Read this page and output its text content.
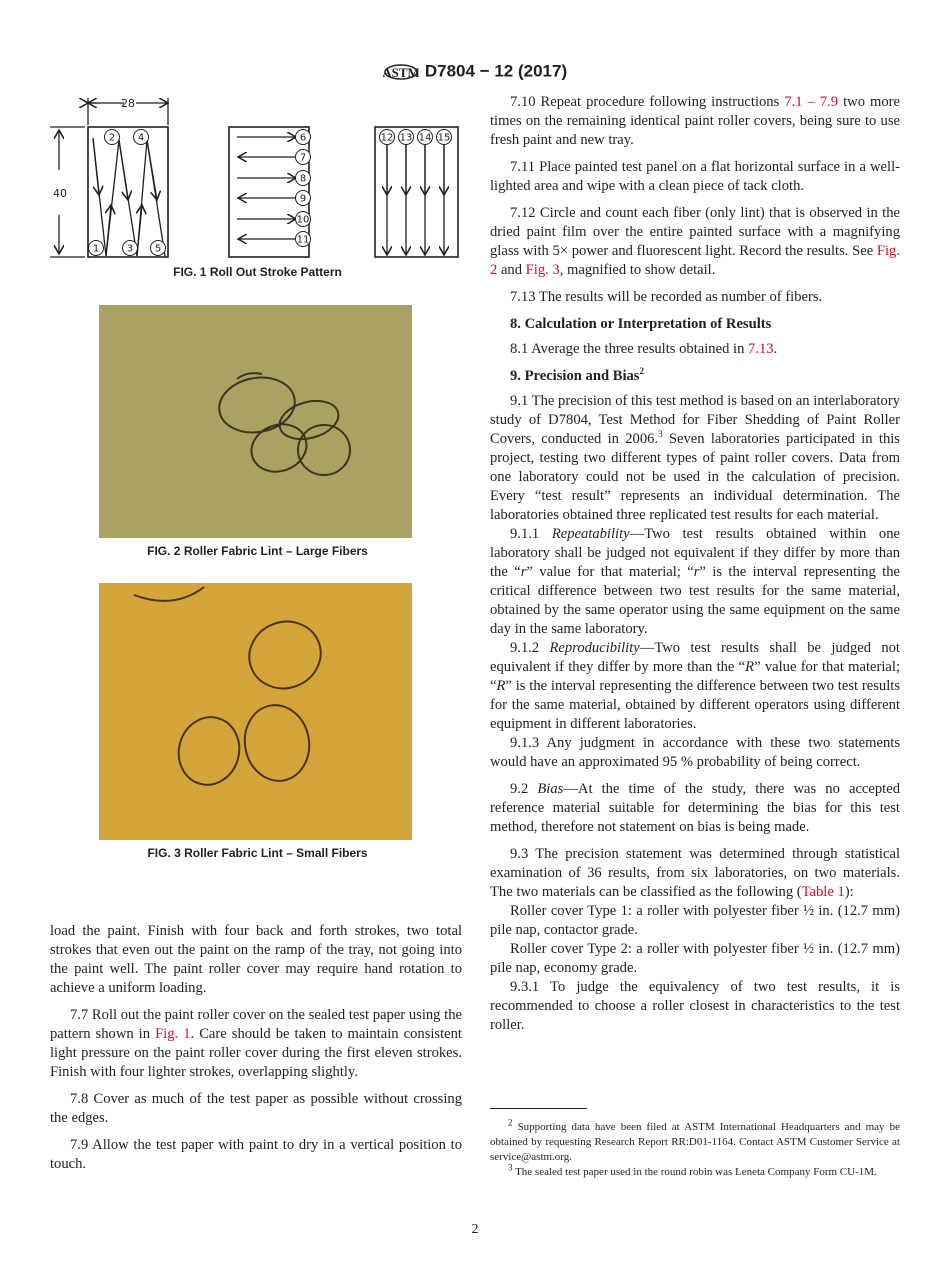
ASTM D7804 − 12 (2017)
28
40
1
2
3
4
5
6
7
8
9
10
11
12 13 14 15
FIG. 1 Roll Out Stroke Pattern
FIG. 2 Roller Fabric Lint – Large Fibers
FIG. 3 Roller Fabric Lint – Small Fibers

load the paint. Finish with four back and forth strokes, two total strokes that even out the paint on the ramp of the tray, not going into the paint well. The paint roller cover may require hand rotation to achieve a uniform loading.

7.7 Roll out the paint roller cover on the sealed test paper using the pattern shown in Fig. 1. Care should be taken to maintain consistent light pressure on the paint roller cover during the first eleven strokes. Finish with four lighter strokes, overlapping slightly.

7.8 Cover as much of the test paper as possible without crossing the edges.

7.9 Allow the test paper with paint to dry in a vertical position to touch.

7.10 Repeat procedure following instructions 7.1 – 7.9 two more times on the remaining identical paint roller covers, being sure to use fresh paint and new tray.

7.11 Place painted test panel on a flat horizontal surface in a well-lighted area and wipe with a clean piece of tack cloth.

7.12 Circle and count each fiber (only lint) that is observed in the dried paint film over the entire painted surface with a magnifying glass with 5× power and fluorescent light. Record the results. See Fig. 2 and Fig. 3, magnified to show detail.

7.13 The results will be recorded as number of fibers.

8. Calculation or Interpretation of Results

8.1 Average the three results obtained in 7.13.

9. Precision and Bias$^2$

9.1 The precision of this test method is based on an interlaboratory study of D7804, Test Method for Fiber Shedding of Paint Roller Covers, conducted in 2006.$^3$ Seven laboratories participated in this project, testing two different types of paint roller covers. Data from one laboratory could not be used in the calculation of precision. Every “test result” represents an individual determination. The laboratories obtained three replicated test results for each material.

9.1.1 Repeatability—Two test results obtained within one laboratory shall be judged not equivalent if they differ by more than the “r” value for that material; “r” is the interval representing the critical difference between two test results for the same material, obtained by the same operator using the same equipment on the same day in the same laboratory.

9.1.2 Reproducibility—Two test results shall be judged not equivalent if they differ by more than the “R” value for that material; “R” is the interval representing the difference between two test results for the same material, obtained by different operators using different equipment in different laboratories.

9.1.3 Any judgment in accordance with these two statements would have an approximated 95 % probability of being correct.

9.2 Bias—At the time of the study, there was no accepted reference material suitable for determining the bias for this test method, therefore not statement on bias is being made.

9.3 The precision statement was determined through statistical examination of 36 results, from six laboratories, on two materials. The two materials can be classified as the following (Table 1):

Roller cover Type 1: a roller with polyester fiber ½ in. (12.7 mm) pile nap, contactor grade.

Roller cover Type 2: a roller with polyester fiber ½ in. (12.7 mm) pile nap, economy grade.

9.3.1 To judge the equivalency of two test results, it is recommended to choose a roller closest in characteristics to the test roller.

$^2$ Supporting data have been filed at ASTM International Headquarters and may be obtained by requesting Research Report RR:D01-1164. Contact ASTM Customer Service at service@astm.org.

$^3$ The sealed test paper used in the round robin was Leneta Company Form CU-1M.

2
